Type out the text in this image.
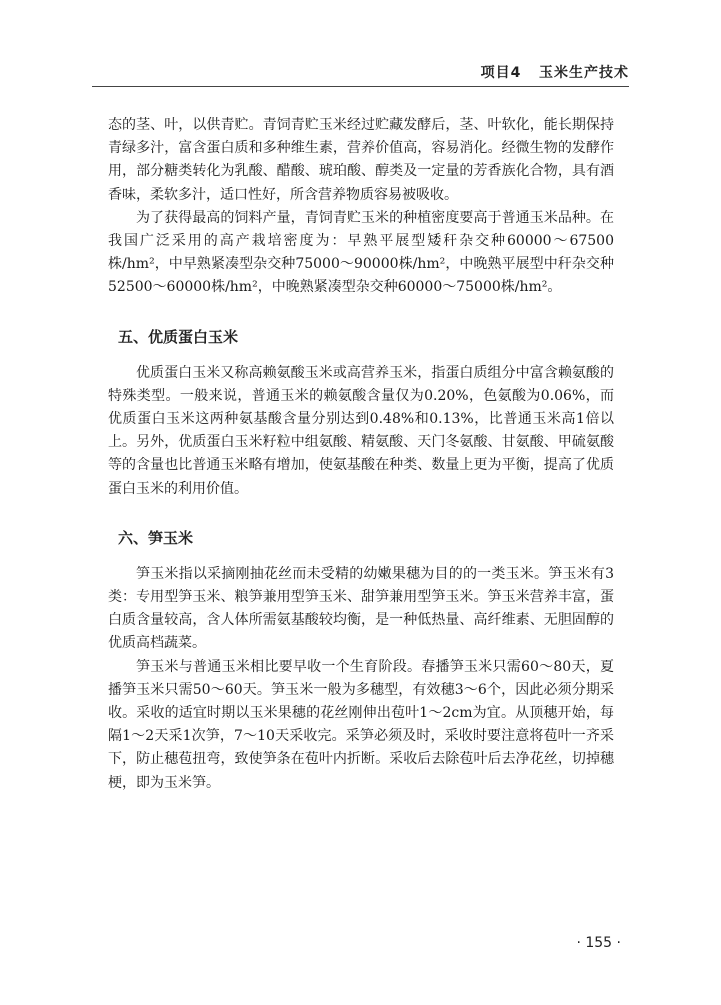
项目4   玉米生产技术

态的茎、叶，以供青贮。青饲青贮玉米经过贮藏发酵后，茎、叶软化，能长期保持青绿多汁，富含蛋白质和多种维生素，营养价值高，容易消化。经微生物的发酵作用，部分糖类转化为乳酸、醋酸、琥珀酸、醇类及一定量的芳香族化合物，具有酒香味，柔软多汁，适口性好，所含营养物质容易被吸收。

为了获得最高的饲料产量，青饲青贮玉米的种植密度要高于普通玉米品种。在我国广泛采用的高产栽培密度为：早熟平展型矮秆杂交种60000～67500株/hm²，中早熟紧凑型杂交种75000～90000株/hm²，中晚熟平展型中秆杂交种52500～60000株/hm²，中晚熟紧凑型杂交种60000～75000株/hm²。

五、优质蛋白玉米

优质蛋白玉米又称高赖氨酸玉米或高营养玉米，指蛋白质组分中富含赖氨酸的特殊类型。一般来说，普通玉米的赖氨酸含量仅为0.20%，色氨酸为0.06%，而优质蛋白玉米这两种氨基酸含量分别达到0.48%和0.13%，比普通玉米高1倍以上。另外，优质蛋白玉米籽粒中组氨酸、精氨酸、天门冬氨酸、甘氨酸、甲硫氨酸等的含量也比普通玉米略有增加，使氨基酸在种类、数量上更为平衡，提高了优质蛋白玉米的利用价值。

六、笋玉米

笋玉米指以采摘刚抽花丝而未受精的幼嫩果穗为目的的一类玉米。笋玉米有3类：专用型笋玉米、粮笋兼用型笋玉米、甜笋兼用型笋玉米。笋玉米营养丰富，蛋白质含量较高，含人体所需氨基酸较均衡，是一种低热量、高纤维素、无胆固醇的优质高档蔬菜。

笋玉米与普通玉米相比要早收一个生育阶段。春播笋玉米只需60～80天，夏播笋玉米只需50～60天。笋玉米一般为多穗型，有效穗3～6个，因此必须分期采收。采收的适宜时期以玉米果穗的花丝刚伸出苞叶1～2cm为宜。从顶穗开始，每隔1～2天采1次笋，7～10天采收完。采笋必须及时，采收时要注意将苞叶一齐采下，防止穗苞扭弯，致使笋条在苞叶内折断。采收后去除苞叶后去净花丝，切掉穗梗，即为玉米笋。

· 155 ·
